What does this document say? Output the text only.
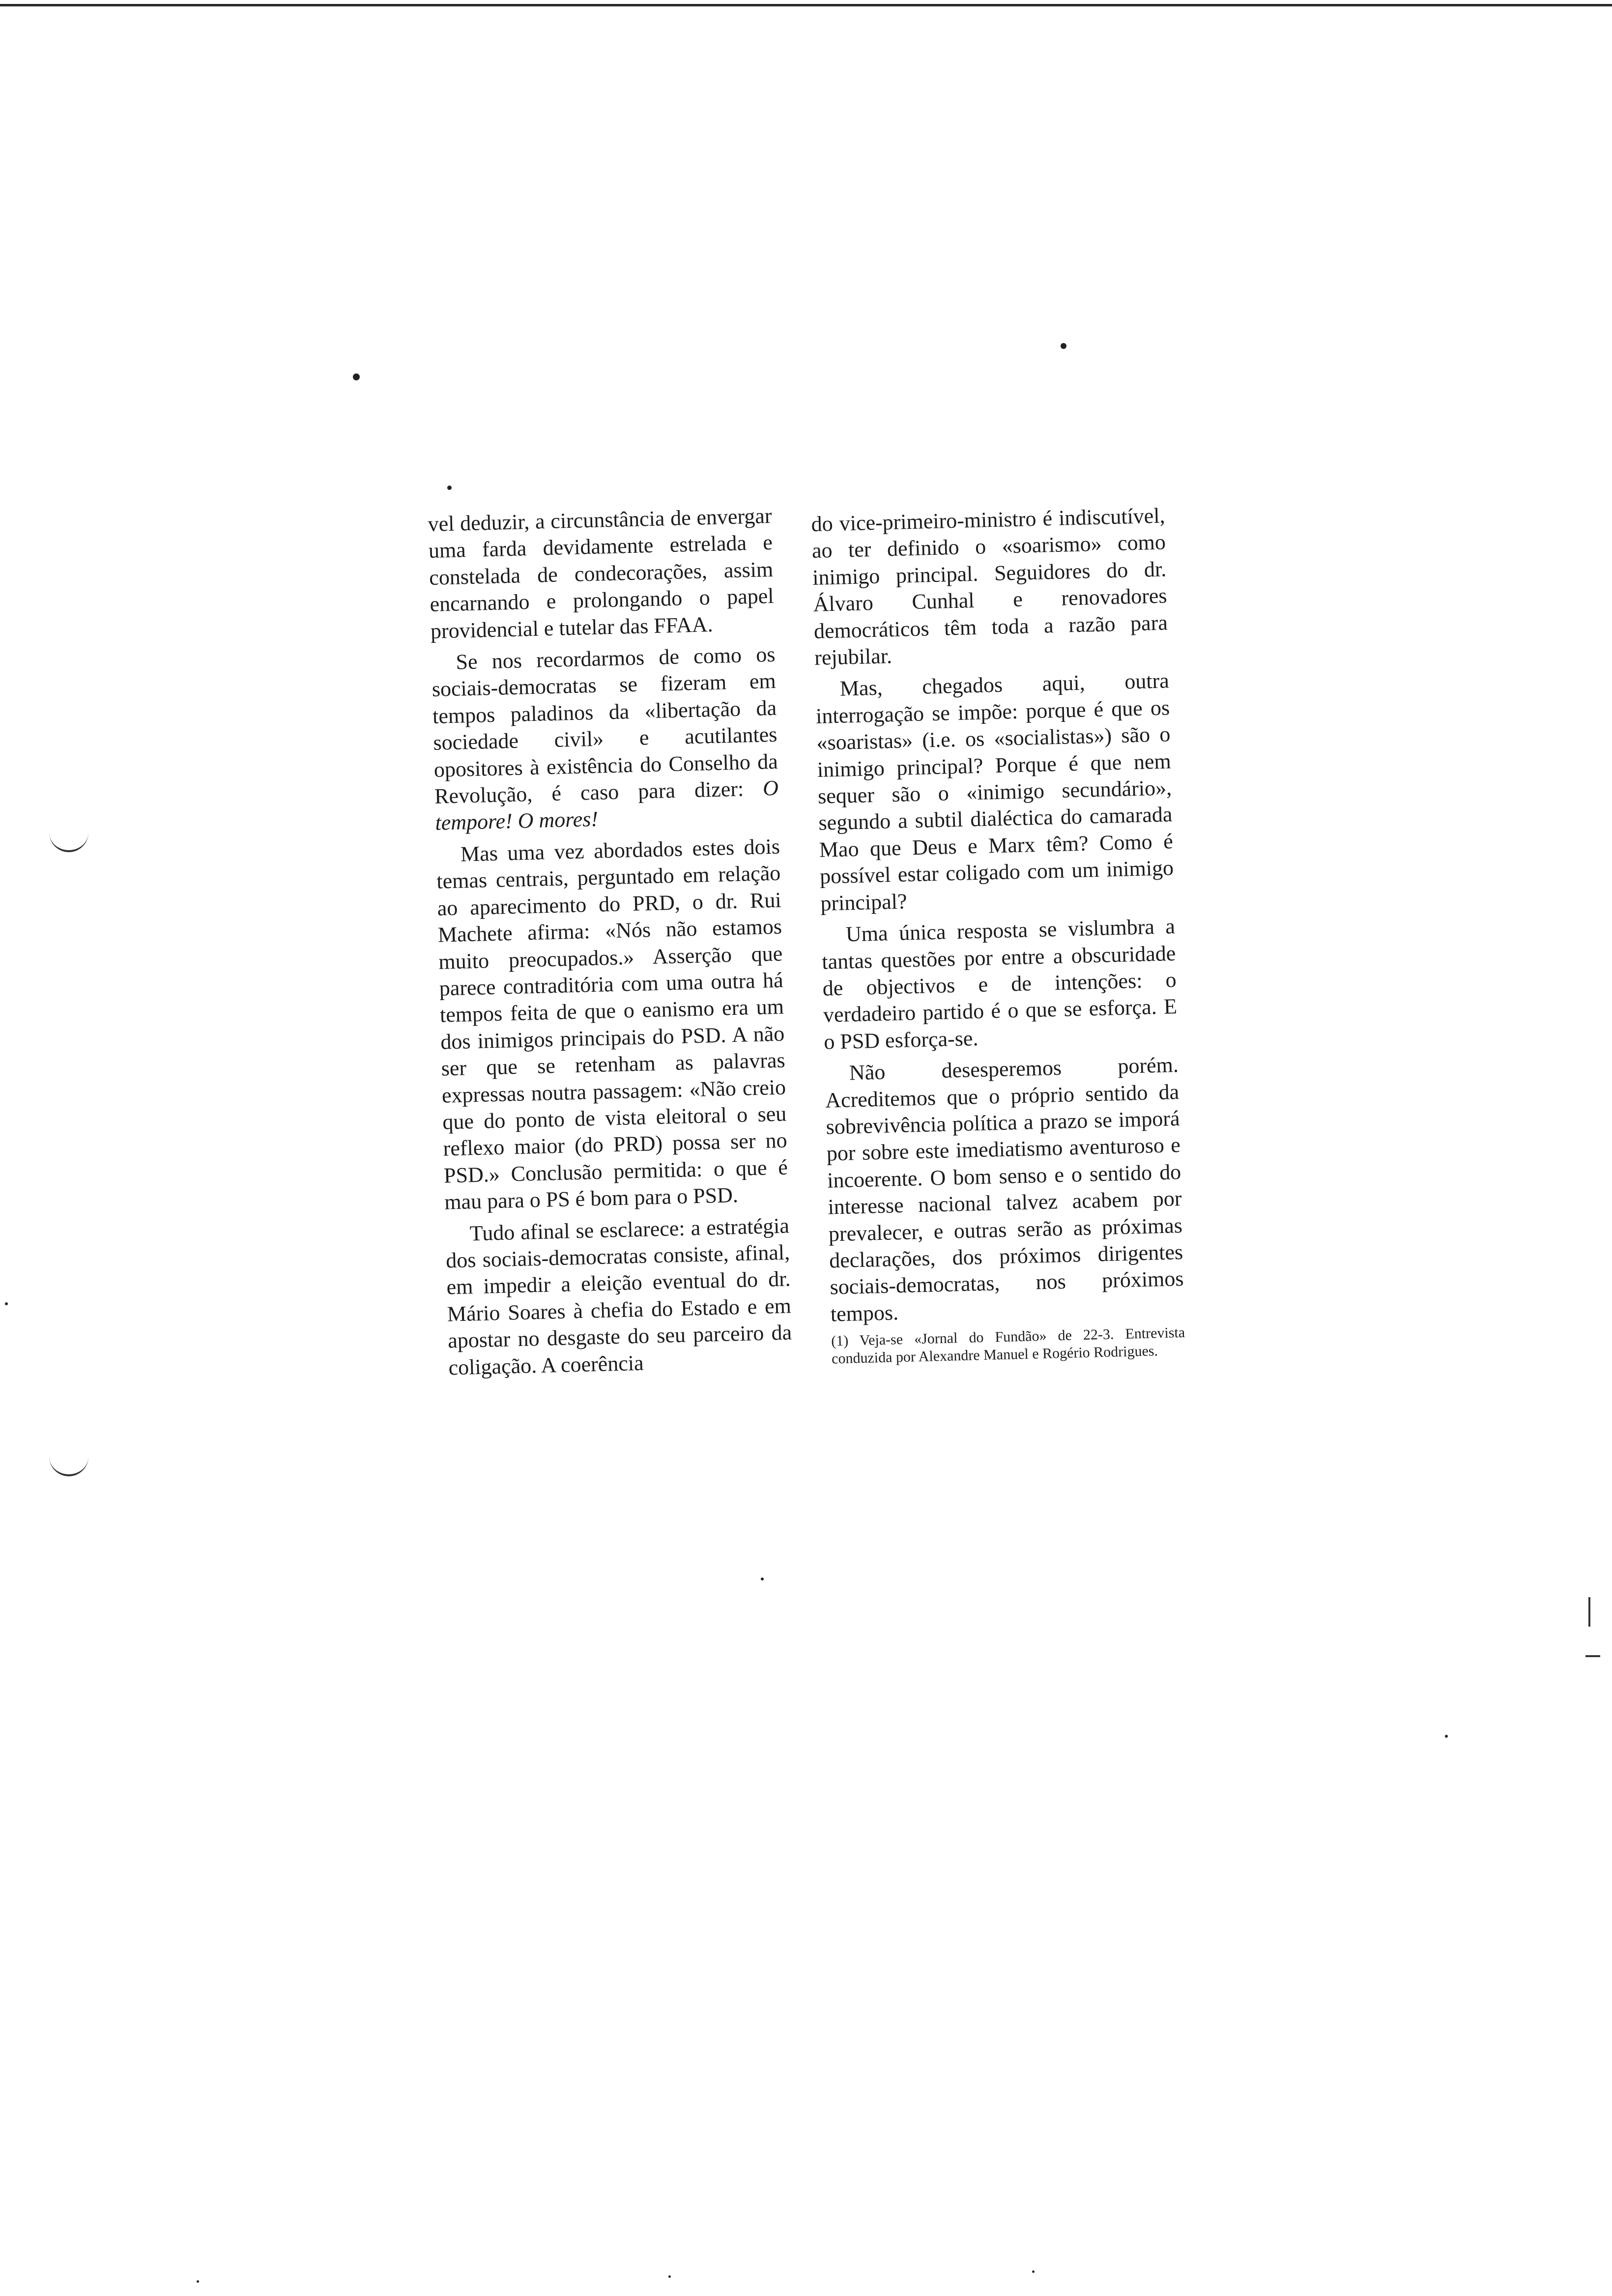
vel deduzir, a circunstância de envergar uma farda devidamente estrelada e constelada de condecorações, assim encarnando e prolongando o papel providencial e tutelar das FFAA.

Se nos recordarmos de como os sociais-democratas se fizeram em tempos paladinos da «libertação da sociedade civil» e acutilantes opositores à existência do Conselho da Revolução, é caso para dizer: O tempore! O mores!

Mas uma vez abordados estes dois temas centrais, perguntado em relação ao aparecimento do PRD, o dr. Rui Machete afirma: «Nós não estamos muito preocupados.» Asserção que parece contraditória com uma outra há tempos feita de que o eanismo era um dos inimigos principais do PSD. A não ser que se retenham as palavras expressas noutra passagem: «Não creio que do ponto de vista eleitoral o seu reflexo maior (do PRD) possa ser no PSD.» Conclusão permitida: o que é mau para o PS é bom para o PSD.

Tudo afinal se esclarece: a estratégia dos sociais-democratas consiste, afinal, em impedir a eleição eventual do dr. Mário Soares à chefia do Estado e em apostar no desgaste do seu parceiro da coligação. A coerência

do vice-primeiro-ministro é indiscutível, ao ter definido o «soarismo» como inimigo principal. Seguidores do dr. Álvaro Cunhal e renovadores democráticos têm toda a razão para rejubilar.

Mas, chegados aqui, outra interrogação se impõe: porque é que os «soaristas» (i.e. os «socialistas») são o inimigo principal? Porque é que nem sequer são o «inimigo secundário», segundo a subtil dialéctica do camarada Mao que Deus e Marx têm? Como é possível estar coligado com um inimigo principal?

Uma única resposta se vislumbra a tantas questões por entre a obscuridade de objectivos e de intenções: o verdadeiro partido é o que se esforça. E o PSD esforça-se.

Não desesperemos porém. Acreditemos que o próprio sentido da sobrevivência política a prazo se imporá por sobre este imediatismo aventuroso e incoerente. O bom senso e o sentido do interesse nacional talvez acabem por prevalecer, e outras serão as próximas declarações, dos próximos dirigentes sociais-democratas, nos próximos tempos.

(1) Veja-se «Jornal do Fundão» de 22-3. Entrevista conduzida por Alexandre Manuel e Rogério Rodrigues.
